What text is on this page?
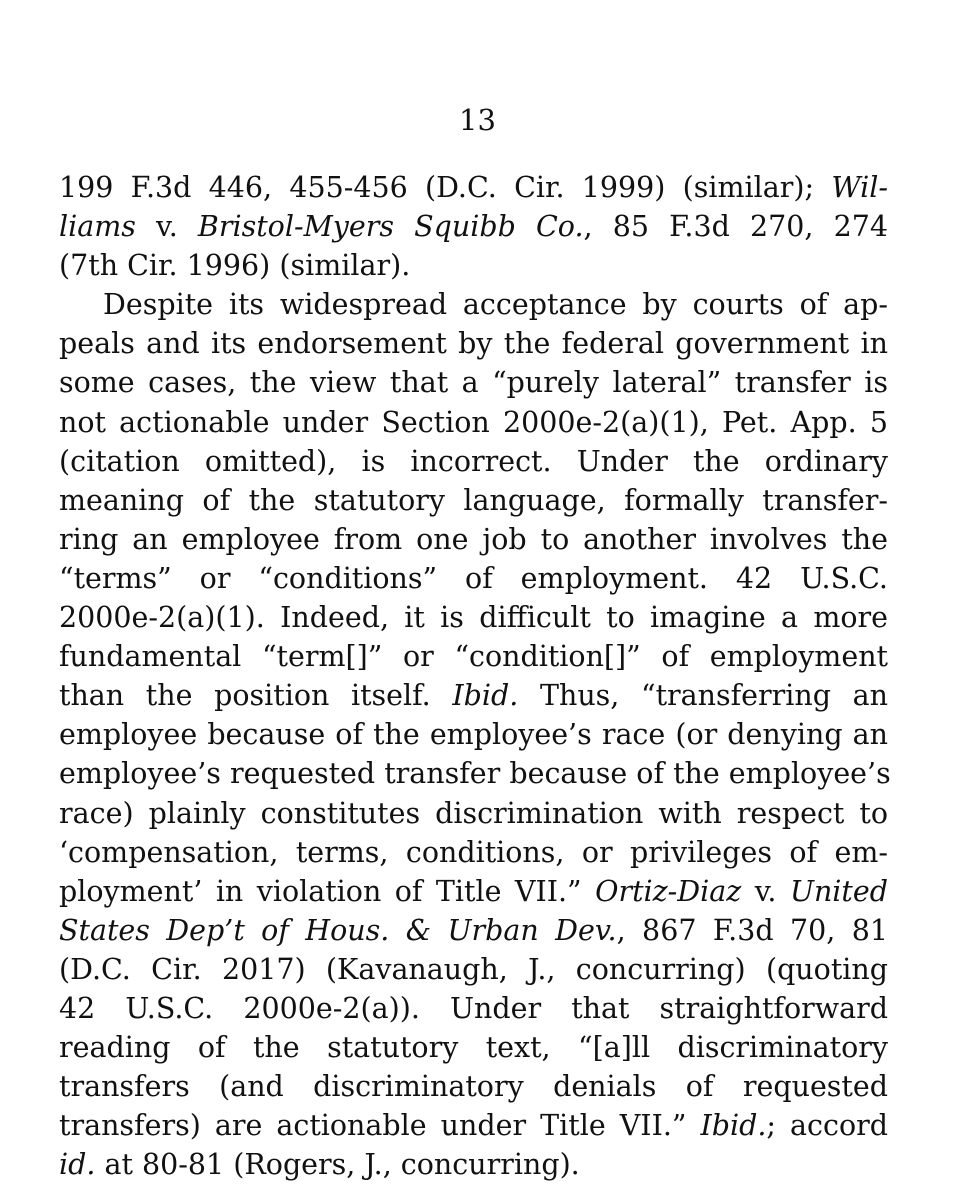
13
199 F.3d 446, 455-456 (D.C. Cir. 1999) (similar); Wil-
liams v. Bristol-Myers Squibb Co., 85 F.3d 270, 274
(7th Cir. 1996) (similar).
Despite its widespread acceptance by courts of ap-
peals and its endorsement by the federal government in
some cases, the view that a “purely lateral” transfer is
not actionable under Section 2000e-2(a)(1), Pet. App. 5
(citation omitted), is incorrect. Under the ordinary
meaning of the statutory language, formally transfer-
ring an employee from one job to another involves the
“terms” or “conditions” of employment. 42 U.S.C.
2000e-2(a)(1). Indeed, it is difficult to imagine a more
fundamental “term[]” or “condition[]” of employment
than the position itself. Ibid. Thus, “transferring an
employee because of the employee’s race (or denying an
employee’s requested transfer because of the employee’s
race) plainly constitutes discrimination with respect to
‘compensation, terms, conditions, or privileges of em-
ployment’ in violation of Title VII.” Ortiz-Diaz v. United
States Dep’t of Hous. & Urban Dev., 867 F.3d 70, 81
(D.C. Cir. 2017) (Kavanaugh, J., concurring) (quoting
42 U.S.C. 2000e-2(a)). Under that straightforward
reading of the statutory text, “[a]ll discriminatory
transfers (and discriminatory denials of requested
transfers) are actionable under Title VII.” Ibid.; accord
id. at 80-81 (Rogers, J., concurring).
